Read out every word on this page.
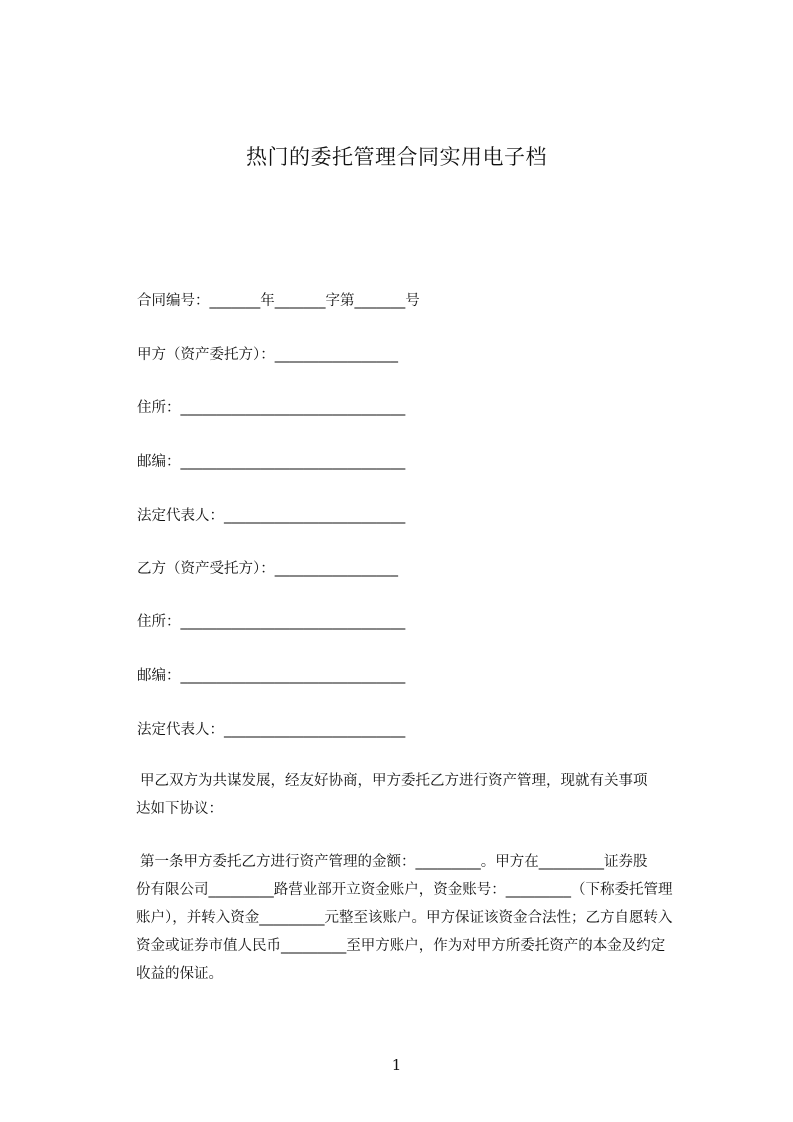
热门的委托管理合同实用电子档
合同编号：_______年_______字第_______号
甲方（资产委托方）：_________________
住所：_______________________________
邮编：_______________________________
法定代表人：_________________________
乙方（资产受托方）：_________________
住所：_______________________________
邮编：_______________________________
法定代表人：_________________________
甲乙双方为共谋发展，经友好协商，甲方委托乙方进行资产管理，现就有关事项
达如下协议：
第一条甲方委托乙方进行资产管理的金额：_________。甲方在_________证券股
份有限公司_________路营业部开立资金账户，资金账号：_________（下称委托管理
账户），并转入资金_________元整至该账户。甲方保证该资金合法性；乙方自愿转入
资金或证券市值人民币_________至甲方账户，作为对甲方所委托资产的本金及约定
收益的保证。
1
